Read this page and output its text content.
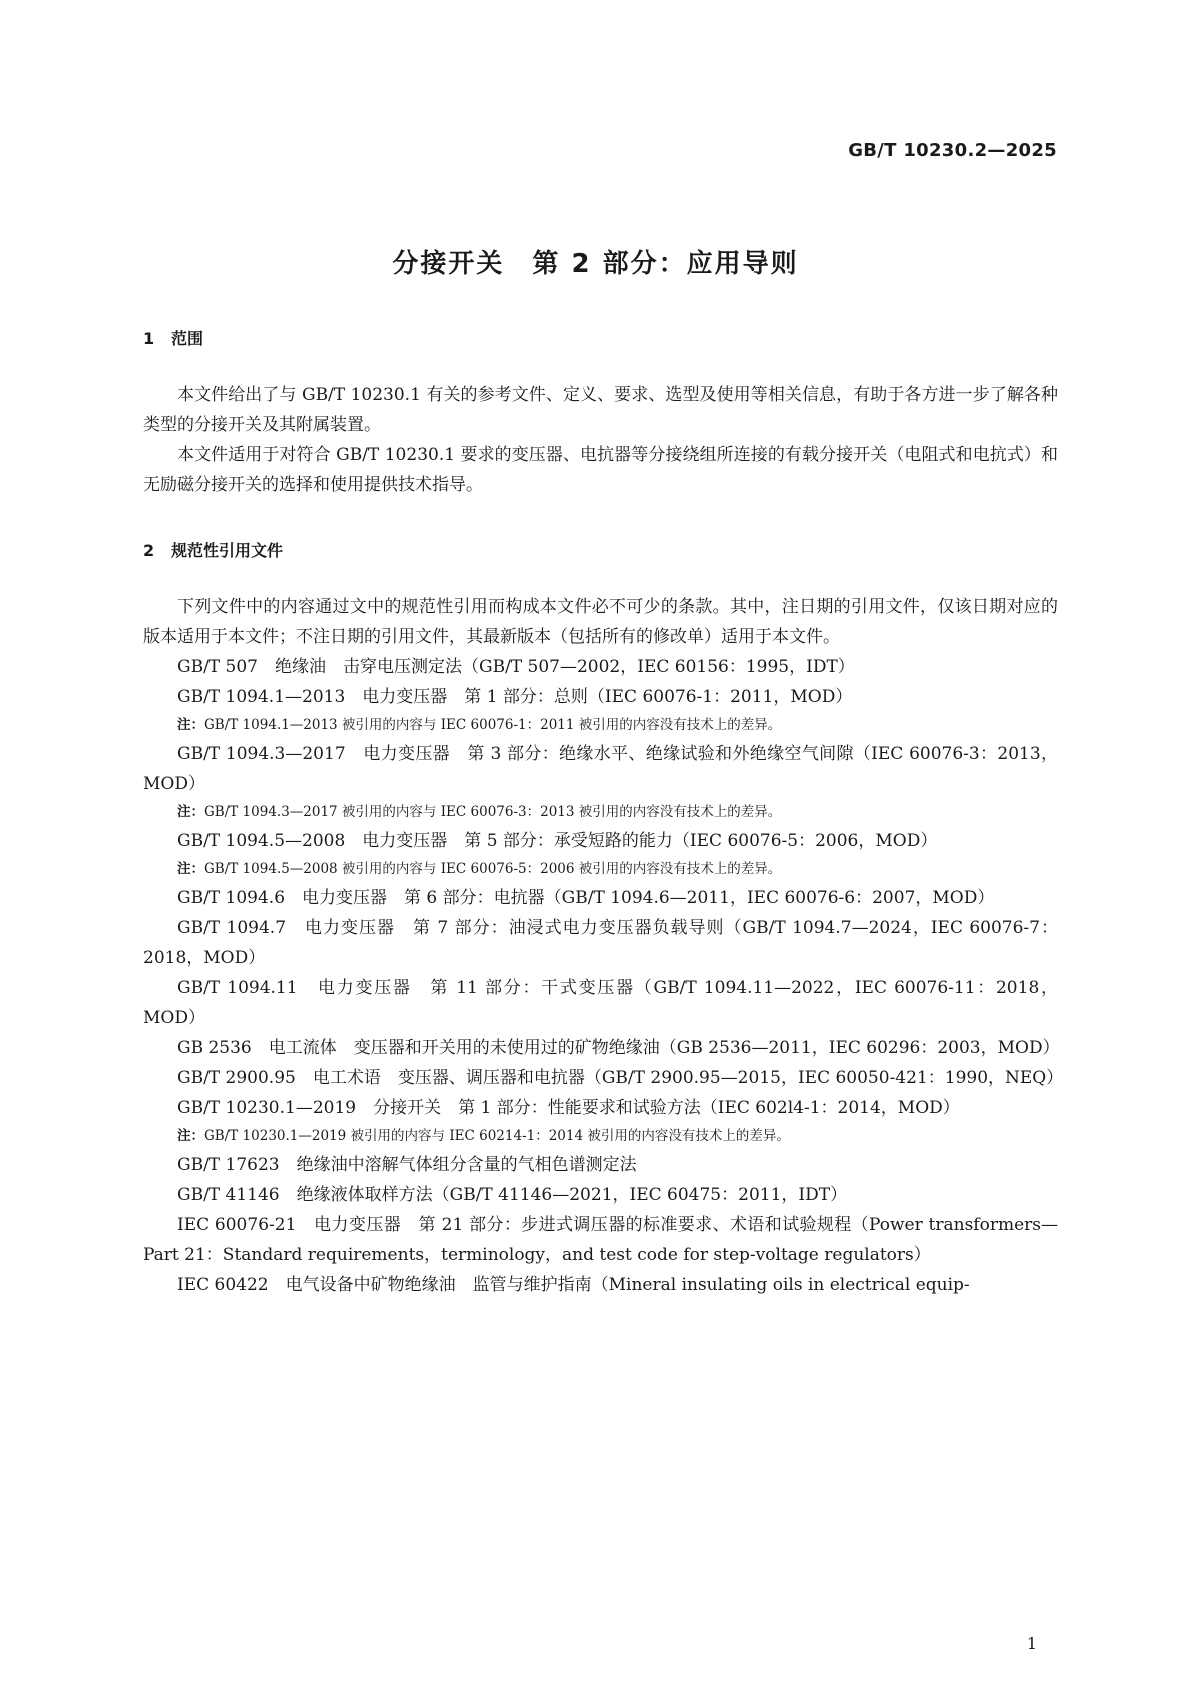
GB/T 10230.2—2025
分接开关　第 2 部分：应用导则
1 范围

本文件给出了与 GB/T 10230.1 有关的参考文件、定义、要求、选型及使用等相关信息，有助于各方进一步了解各种类型的分接开关及其附属装置。

本文件适用于对符合 GB/T 10230.1 要求的变压器、电抗器等分接绕组所连接的有载分接开关（电阻式和电抗式）和无励磁分接开关的选择和使用提供技术指导。

2 规范性引用文件

下列文件中的内容通过文中的规范性引用而构成本文件必不可少的条款。其中，注日期的引用文件，仅该日期对应的版本适用于本文件；不注日期的引用文件，其最新版本（包括所有的修改单）适用于本文件。

GB/T 507　绝缘油　击穿电压测定法（GB/T 507—2002，IEC 60156：1995，IDT）

GB/T 1094.1—2013　电力变压器　第 1 部分：总则（IEC 60076-1：2011，MOD）

注：GB/T 1094.1—2013 被引用的内容与 IEC 60076-1：2011 被引用的内容没有技术上的差异。

GB/T 1094.3—2017　电力变压器　第 3 部分：绝缘水平、绝缘试验和外绝缘空气间隙（IEC 60076-3：2013，MOD）

注：GB/T 1094.3—2017 被引用的内容与 IEC 60076-3：2013 被引用的内容没有技术上的差异。

GB/T 1094.5—2008　电力变压器　第 5 部分：承受短路的能力（IEC 60076-5：2006，MOD）

注：GB/T 1094.5—2008 被引用的内容与 IEC 60076-5：2006 被引用的内容没有技术上的差异。

GB/T 1094.6　电力变压器　第 6 部分：电抗器（GB/T 1094.6—2011，IEC 60076-6：2007，MOD）

GB/T 1094.7　电力变压器　第 7 部分：油浸式电力变压器负载导则（GB/T 1094.7—2024，IEC 60076-7：2018，MOD）

GB/T 1094.11　电力变压器　第 11 部分：干式变压器（GB/T 1094.11—2022，IEC 60076-11：2018，MOD）

GB 2536　电工流体　变压器和开关用的未使用过的矿物绝缘油（GB 2536—2011，IEC 60296：2003，MOD）

GB/T 2900.95　电工术语　变压器、调压器和电抗器（GB/T 2900.95—2015，IEC 60050-421：1990，NEQ）

GB/T 10230.1—2019　分接开关　第 1 部分：性能要求和试验方法（IEC 602l4-1：2014，MOD）

注：GB/T 10230.1—2019 被引用的内容与 IEC 60214-1：2014 被引用的内容没有技术上的差异。

GB/T 17623　绝缘油中溶解气体组分含量的气相色谱测定法

GB/T 41146　绝缘液体取样方法（GB/T 41146—2021，IEC 60475：2011，IDT）

IEC 60076-21　电力变压器　第 21 部分：步进式调压器的标准要求、术语和试验规程（Power transformers—Part 21：Standard requirements，terminology，and test code for step-voltage regulators）

IEC 60422　电气设备中矿物绝缘油　监管与维护指南（Mineral insulating oils in electrical equip-

1
